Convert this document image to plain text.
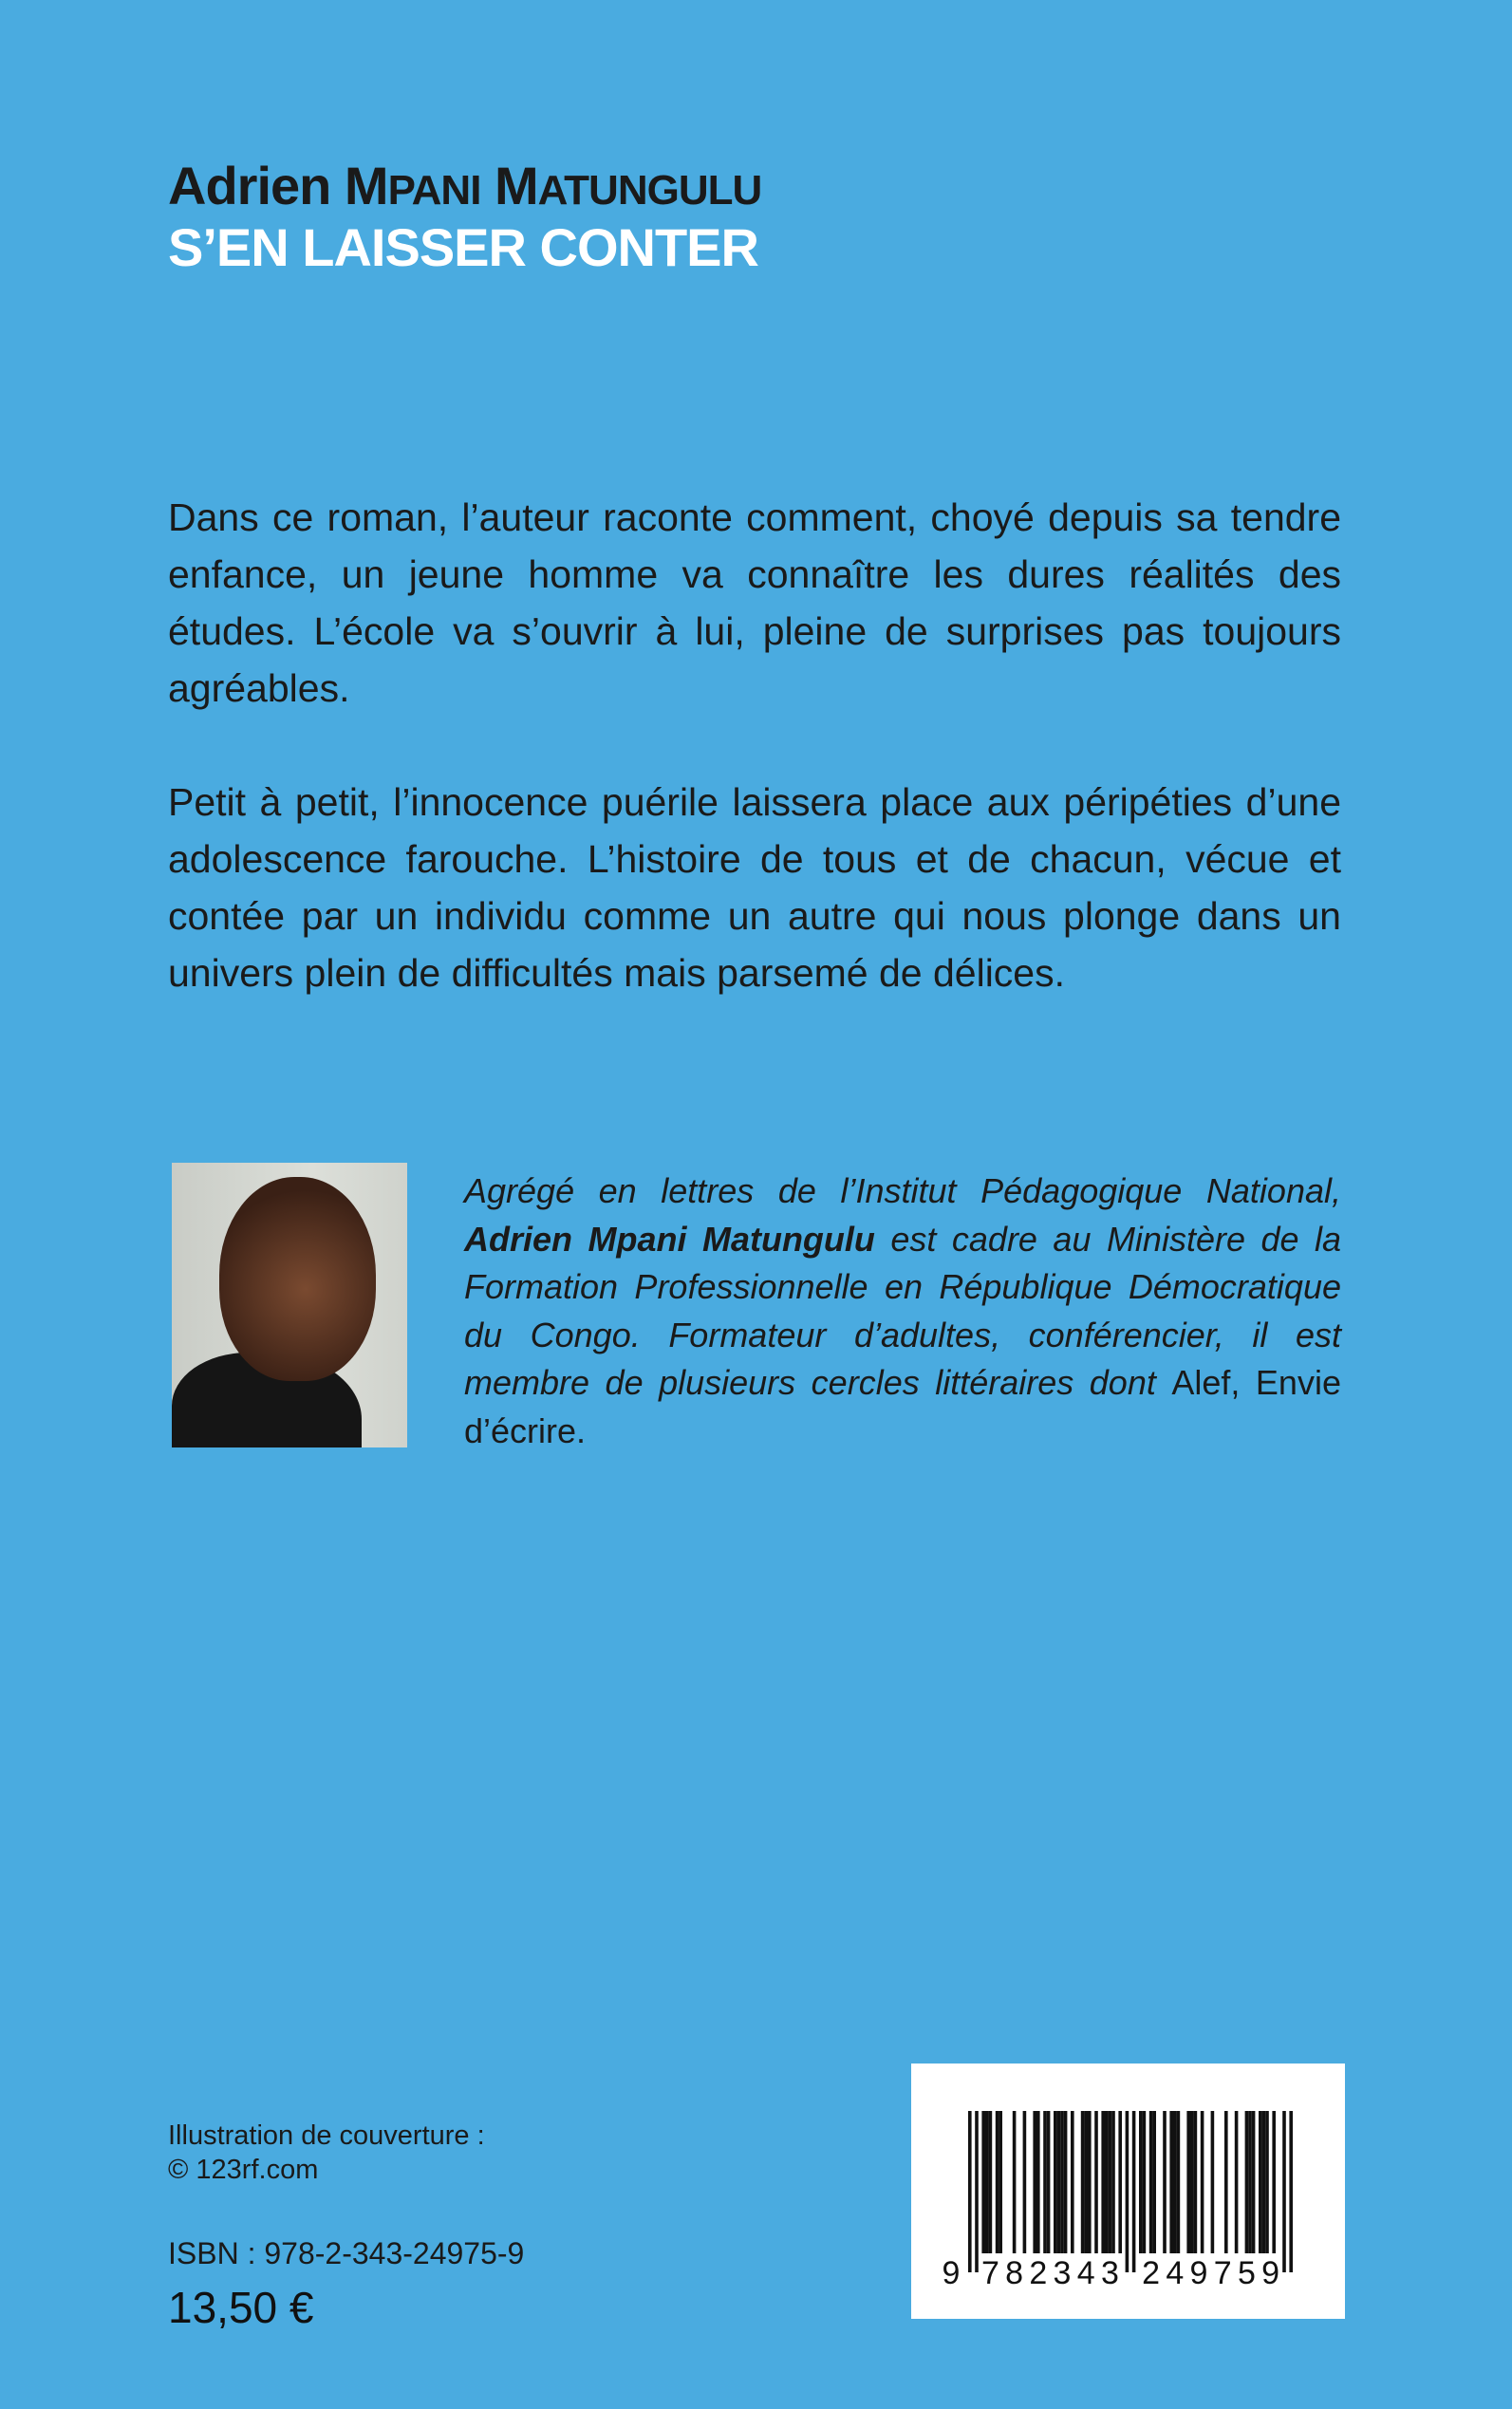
Adrien MPANI MATUNGULU
S’EN LAISSER CONTER

Dans ce roman, l’auteur raconte comment, choyé depuis sa tendre enfance, un jeune homme va connaître les dures réalités des études. L’école va s’ouvrir à lui, pleine de surprises pas toujours agréables.

Petit à petit, l’innocence puérile laissera place aux péripéties d’une adolescence farouche. L’histoire de tous et de chacun, vécue et contée par un individu comme un autre qui nous plonge dans un univers plein de difficultés mais parsemé de délices.

Agrégé en lettres de l’Institut Pédagogique National, Adrien Mpani Matungulu est cadre au Ministère de la Formation Professionnelle en République Démocratique du Congo. Formateur d’adultes, conférencier, il est membre de plusieurs cercles littéraires dont Alef, Envie d’écrire.

Illustration de couverture :
© 123rf.com
ISBN : 978-2-343-24975-9
13,50 €
9 7 8 2 3 4 3 2 4 9 7 5 9
